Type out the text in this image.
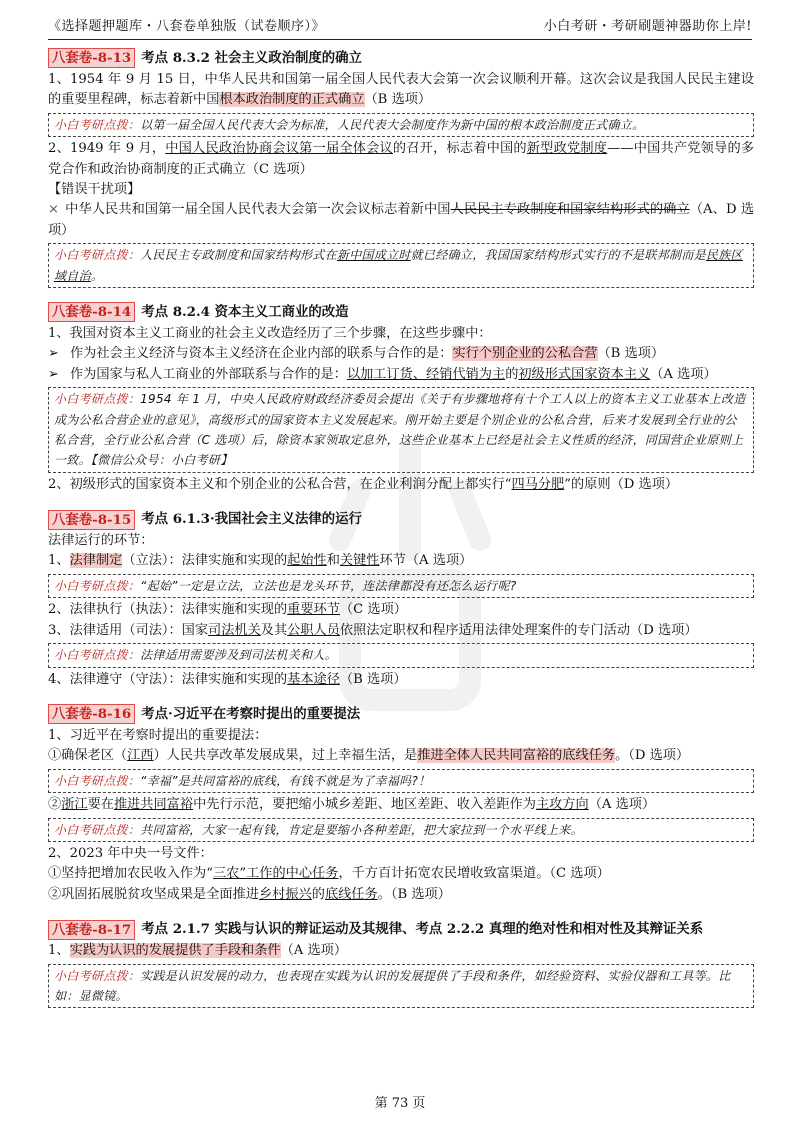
《选择题押题库・八套卷单独版（试卷顺序）》	小白考研・考研刷题神器助你上岸!
八套卷-8-13 考点 8.3.2 社会主义政治制度的确立
1、1954 年 9 月 15 日，中华人民共和国第一届全国人民代表大会第一次会议顺利开幕。这次会议是我国人民民主建设的重要里程碑，标志着新中国根本政治制度的正式确立（B 选项）
小白考研点拨：以第一届全国人民代表大会为标准，人民代表大会制度作为新中国的根本政治制度正式确立。
2、1949 年 9 月，中国人民政治协商会议第一届全体会议的召开，标志着中国的新型政党制度——中国共产党领导的多党合作和政治协商制度的正式确立（C 选项）
【错误干扰项】
× 中华人民共和国第一届全国人民代表大会第一次会议标志着新中国人民民主专政制度和国家结构形式的确立（A、D 选项）
小白考研点拨：人民民主专政制度和国家结构形式在新中国成立时就已经确立，我国国家结构形式实行的不是联邦制而是民族区域自治。
八套卷-8-14 考点 8.2.4 资本主义工商业的改造
1、我国对资本主义工商业的社会主义改造经历了三个步骤，在这些步骤中：
➢ 作为社会主义经济与资本主义经济在企业内部的联系与合作的是：实行个别企业的公私合营（B 选项）
➢ 作为国家与私人工商业的外部联系与合作的是：以加工订货、经销代销为主的初级形式国家资本主义（A 选项）
小白考研点拨：1954 年 1 月，中央人民政府财政经济委员会提出《关于有步骤地将有十个工人以上的资本主义工业基本上改造成为公私合营企业的意见》，高级形式的国家资本主义发展起来。刚开始主要是个别企业的公私合营，后来才发展到全行业的公私合营，全行业公私合营（C 选项）后，除资本家领取定息外，这些企业基本上已经是社会主义性质的经济，同国营企业原则上一致。【微信公众号：小白考研】
2、初级形式的国家资本主义和个别企业的公私合营，在企业利润分配上都实行“四马分肥”的原则（D 选项）
八套卷-8-15 考点 6.1.3·我国社会主义法律的运行
法律运行的环节：
1、法律制定（立法）：法律实施和实现的起始性和关键性环节（A 选项）
小白考研点拨：“起始”一定是立法，立法也是龙头环节，连法律都没有还怎么运行呢?
2、法律执行（执法）：法律实施和实现的重要环节（C 选项）
3、法律适用（司法）：国家司法机关及其公职人员依照法定职权和程序适用法律处理案件的专门活动（D 选项）
小白考研点拨：法律适用需要涉及到司法机关和人。
4、法律遵守（守法）：法律实施和实现的基本途径（B 选项）
八套卷-8-16 考点·习近平在考察时提出的重要提法
1、习近平在考察时提出的重要提法：
①确保老区（江西）人民共享改革发展成果，过上幸福生活，是推进全体人民共同富裕的底线任务。（D 选项）
小白考研点拨：“幸福”是共同富裕的底线，有钱不就是为了幸福吗?！
②浙江要在推进共同富裕中先行示范，要把缩小城乡差距、地区差距、收入差距作为主攻方向（A 选项）
小白考研点拨：共同富裕，大家一起有钱，肯定是要缩小各种差距，把大家拉到一个水平线上来。
2、2023 年中央一号文件：
①坚持把增加农民收入作为“三农”工作的中心任务，千方百计拓宽农民增收致富渠道。（C 选项）
②巩固拓展脱贫攻坚成果是全面推进乡村振兴的底线任务。（B 选项）
八套卷-8-17 考点 2.1.7 实践与认识的辩证运动及其规律、考点 2.2.2 真理的绝对性和相对性及其辩证关系
1、实践为认识的发展提供了手段和条件（A 选项）
小白考研点拨：实践是认识发展的动力，也表现在实践为认识的发展提供了手段和条件，如经验资料、实验仪器和工具等。比如：显微镜。
第 73 页
